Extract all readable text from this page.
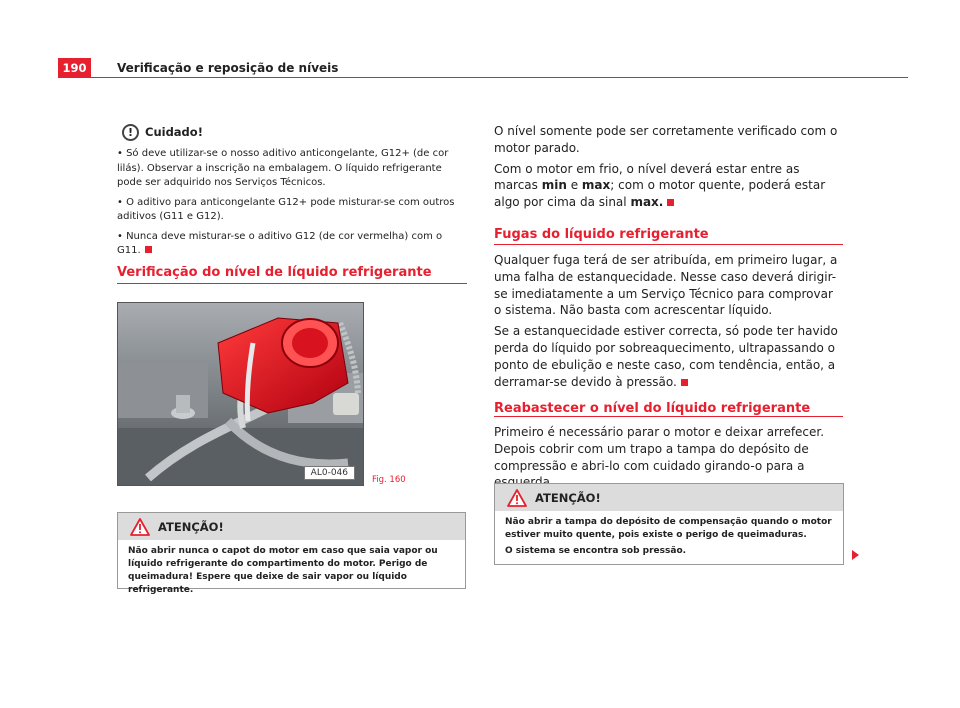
190	Verificação e reposição de níveis
!	Cuidado!

• Só deve utilizar-se o nosso aditivo anticongelante, G12+ (de cor lilás). Observar a inscrição na embalagem. O líquido refrigerante pode ser adquirido nos Serviços Técnicos.

• O aditivo para anticongelante G12+ pode misturar-se com outros aditivos (G11 e G12).

• Nunca deve misturar-se o aditivo G12 (de cor vermelha) com o G11.

Verificação do nível de líquido refrigerante
AL0-046
Fig. 160
ATENÇÃO!

Não abrir nunca o capot do motor em caso que saia vapor ou líquido refrigerante do compartimento do motor. Perigo de queimadura! Espere que deixe de sair vapor ou líquido refrigerante.

O nível somente pode ser corretamente verificado com o motor parado.

Com o motor em frio, o nível deverá estar entre as marcas min e max; com o motor quente, poderá estar algo por cima da sinal max.

Fugas do líquido refrigerante

Qualquer fuga terá de ser atribuída, em primeiro lugar, a uma falha de estanquecidade. Nesse caso deverá dirigir-se imediatamente a um Serviço Técnico para comprovar o sistema. Não basta com acrescentar líquido.

Se a estanquecidade estiver correcta, só pode ter havido perda do líquido por sobreaquecimento, ultrapassando o ponto de ebulição e neste caso, com tendência, então, a derramar-se devido à pressão.

Reabastecer o nível do líquido refrigerante

Primeiro é necessário parar o motor e deixar arrefecer. Depois cobrir com um trapo a tampa do depósito de compressão e abri-lo com cuidado girando-o para a

ATENÇÃO!

Não abrir a tampa do depósito de compensação quando o motor estiver muito quente, pois existe o perigo de queimaduras.

O sistema se encontra sob pressão.
